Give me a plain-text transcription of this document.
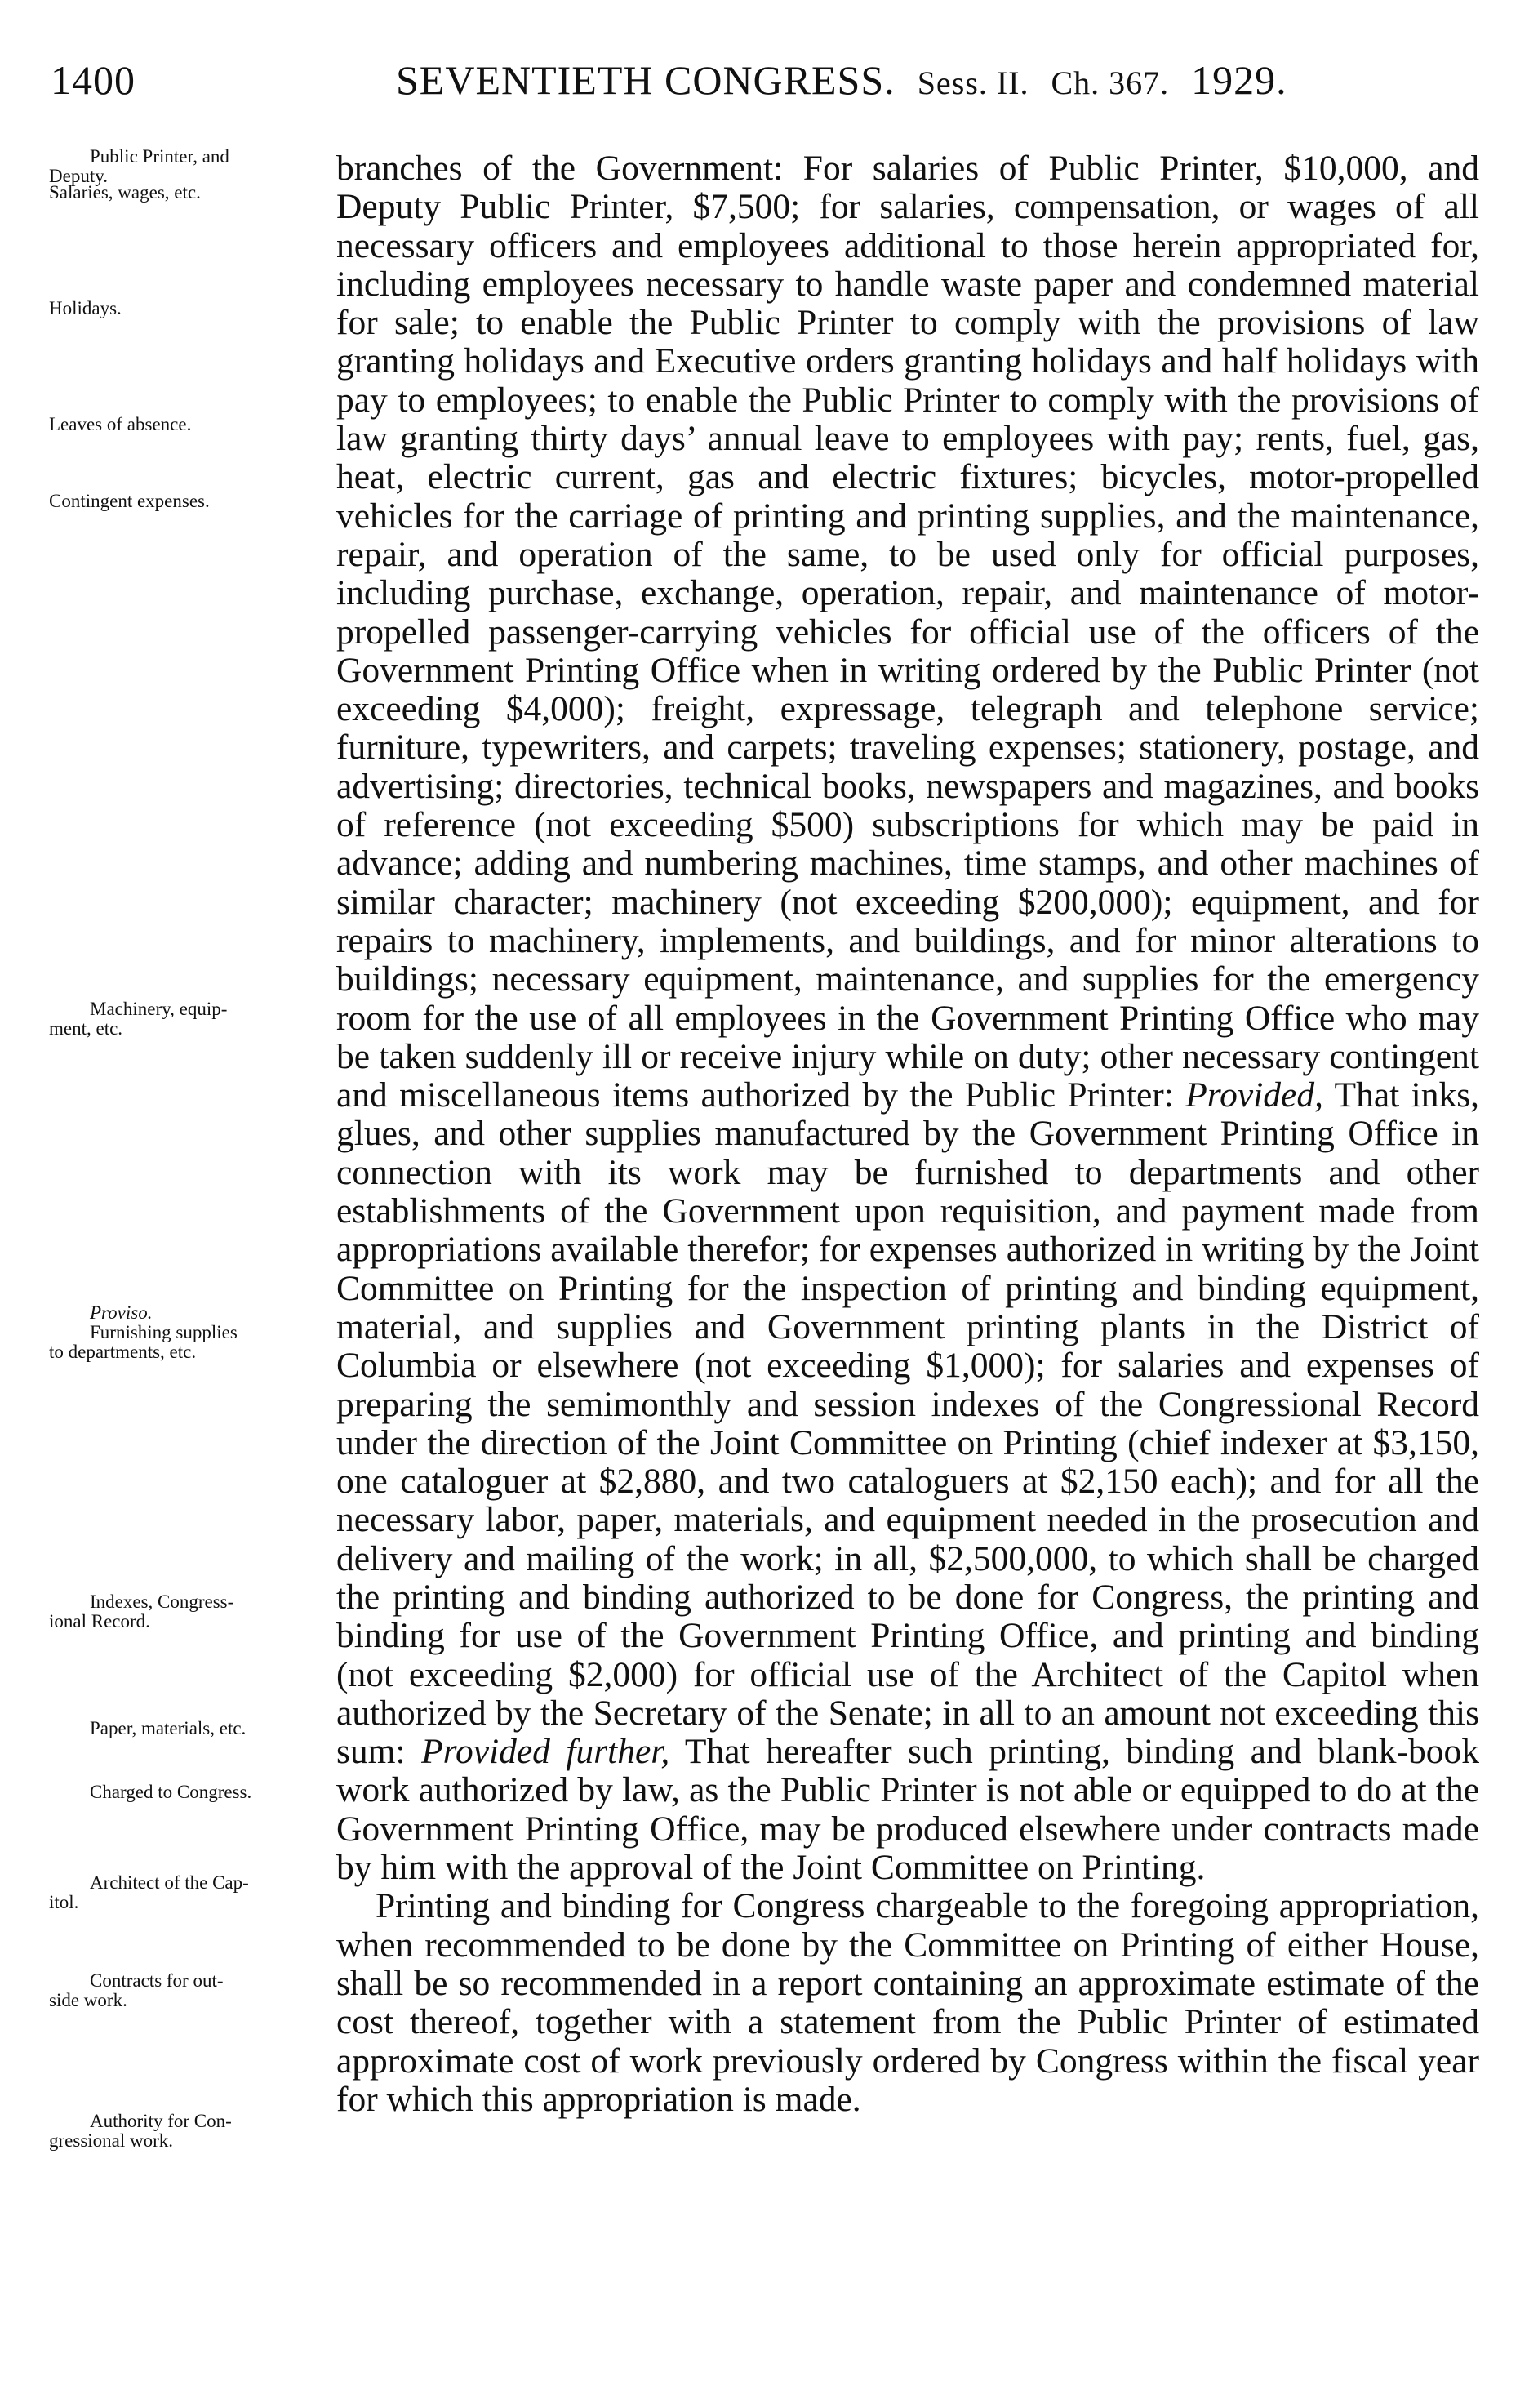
1400	SEVENTIETH CONGRESS. Sess. II. Ch. 367. 1929.
Public Printer, and
Deputy.
Salaries, wages, etc.
Holidays.
Leaves of absence.
Contingent expenses.
Machinery, equip-
ment, etc.
Proviso.
Furnishing supplies
to departments, etc.
Indexes, Congress-
ional Record.
Paper, materials, etc.
Charged to Congress.
Architect of the Cap-
itol.
Contracts for out-
side work.
Authority for Con-
gressional work.

branches of the Government: For salaries of Public Printer, $10,000, and Deputy Public Printer, $7,500; for salaries, compensation, or wages of all necessary officers and employees additional to those herein appropriated for, including employees necessary to handle waste paper and condemned material for sale; to enable the Public Printer to comply with the provisions of law granting holidays and Executive orders granting holidays and half holidays with pay to employees; to enable the Public Printer to comply with the provisions of law granting thirty days’ annual leave to employees with pay; rents, fuel, gas, heat, electric current, gas and electric fixtures; bicycles, motor-propelled vehicles for the carriage of printing and printing supplies, and the maintenance, repair, and operation of the same, to be used only for official purposes, including purchase, exchange, operation, repair, and maintenance of motor-propelled passenger-carrying vehicles for official use of the officers of the Government Printing Office when in writing ordered by the Public Printer (not exceeding $4,000); freight, expressage, telegraph and telephone service; furniture, typewriters, and carpets; traveling expenses; stationery, postage, and advertising; directories, technical books, newspapers and magazines, and books of reference (not exceeding $500) subscriptions for which may be paid in advance; adding and numbering machines, time stamps, and other machines of similar character; machinery (not exceeding $200,000); equipment, and for repairs to machinery, implements, and buildings, and for minor alterations to buildings; necessary equipment, maintenance, and supplies for the emergency room for the use of all employees in the Government Printing Office who may be taken suddenly ill or receive injury while on duty; other necessary contingent and miscellaneous items authorized by the Public Printer: Provided, That inks, glues, and other supplies manufactured by the Government Printing Office in connection with its work may be furnished to departments and other establishments of the Government upon requisition, and payment made from appropriations available therefor; for expenses authorized in writing by the Joint Committee on Printing for the inspection of printing and binding equipment, material, and supplies and Government printing plants in the District of Columbia or elsewhere (not exceeding $1,000); for salaries and expenses of preparing the semimonthly and session indexes of the Congressional Record under the direction of the Joint Committee on Printing (chief indexer at $3,150, one cataloguer at $2,880, and two cataloguers at $2,150 each); and for all the necessary labor, paper, materials, and equipment needed in the prosecution and delivery and mailing of the work; in all, $2,500,000, to which shall be charged the printing and binding authorized to be done for Congress, the printing and binding for use of the Government Printing Office, and printing and binding (not exceeding $2,000) for official use of the Architect of the Capitol when authorized by the Secretary of the Senate; in all to an amount not exceeding this sum: Provided further, That hereafter such printing, binding and blank-book work authorized by law, as the Public Printer is not able or equipped to do at the Government Printing Office, may be produced elsewhere under contracts made by him with the approval of the Joint Committee on Printing.

Printing and binding for Congress chargeable to the foregoing appropriation, when recommended to be done by the Committee on Printing of either House, shall be so recommended in a report containing an approximate estimate of the cost thereof, together with a statement from the Public Printer of estimated approximate cost of work previously ordered by Congress within the fiscal year for which this appropriation is made.
